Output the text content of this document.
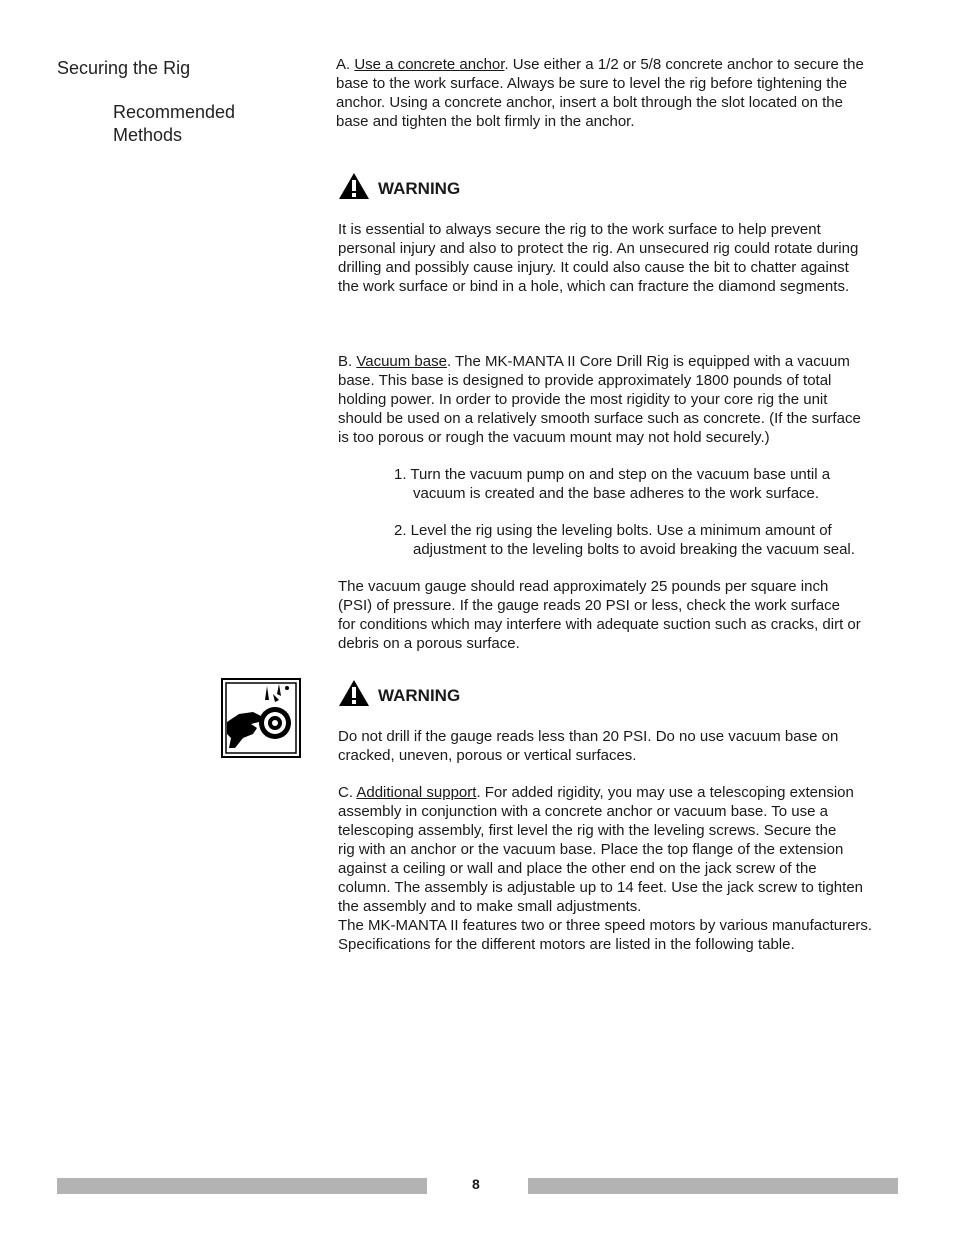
Securing the Rig
Recommended
Methods

A. Use a concrete anchor. Use either a 1/2 or 5/8 concrete anchor to secure the

base to the work surface. Always be sure to level the rig before tightening the

anchor. Using a concrete anchor, insert a bolt through the slot located on the

base and tighten the bolt firmly in the anchor.

WARNING

It is essential to always secure the rig to the work surface to help prevent

personal injury and also to protect the rig. An unsecured rig could rotate during

drilling and possibly cause injury. It could also cause the bit to chatter against

the work surface or bind in a hole, which can fracture the diamond segments.

B. Vacuum base. The MK-MANTA II Core Drill Rig is equipped with a vacuum

base. This base is designed to provide approximately 1800 pounds of total

holding power. In order to provide the most rigidity to your core rig the unit

should be used on a relatively smooth surface such as concrete. (If the surface

is too porous or rough the vacuum mount may not hold securely.)

1. Turn the vacuum pump on and step on the vacuum base until a

vacuum is created and the base adheres to the work surface.

2. Level the rig using the leveling bolts. Use a minimum amount of

adjustment to the leveling bolts to avoid breaking the vacuum seal.

The vacuum gauge should read approximately 25 pounds per square inch

(PSI) of pressure. If the gauge reads 20 PSI or less, check the work surface

for conditions which may interfere with adequate suction such as cracks, dirt or

debris on a porous surface.

WARNING

Do not drill if the gauge reads less than 20 PSI. Do no use vacuum base on

cracked, uneven, porous or vertical surfaces.

C. Additional support. For added rigidity, you may use a telescoping extension

assembly in conjunction with a concrete anchor or vacuum base. To use a

telescoping assembly, first level the rig with the leveling screws. Secure the

rig with an anchor or the vacuum base. Place the top flange of the extension

against a ceiling or wall and place the other end on the jack screw of the

column. The assembly is adjustable up to 14 feet. Use the jack screw to tighten

the assembly and to make small adjustments.

The MK-MANTA II features two or three speed motors by various manufacturers.

Specifications for the different motors are listed in the following table.

8
